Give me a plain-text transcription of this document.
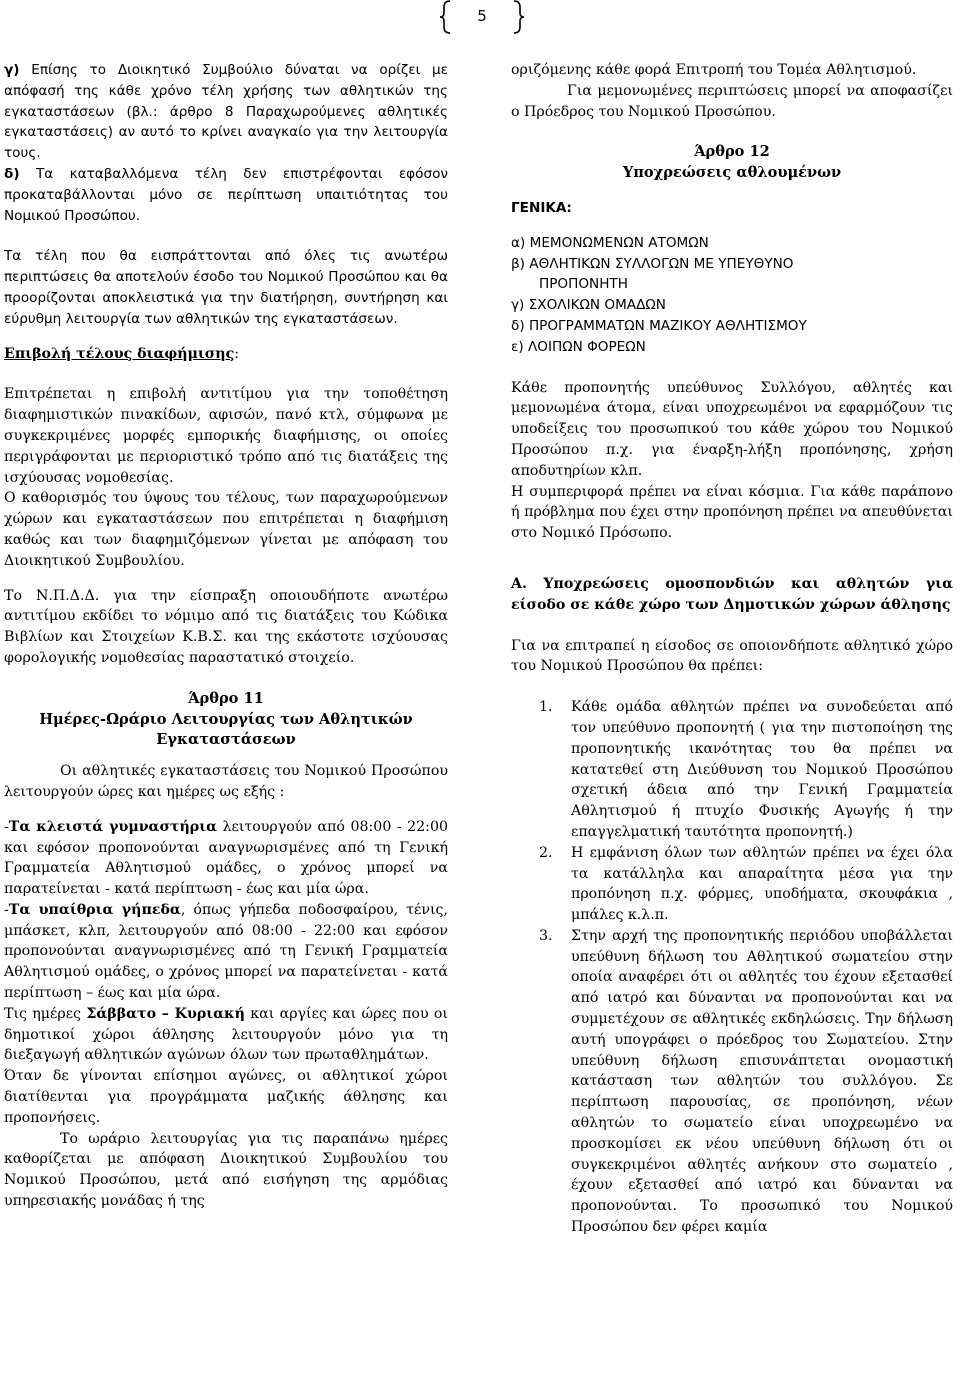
5

γ) Επίσης το Διοικητικό Συμβούλιο δύναται να ορίζει με απόφασή της κάθε χρόνο τέλη χρήσης των αθλητικών της εγκαταστάσεων (βλ.: άρθρο 8 Παραχωρούμενες αθλητικές εγκαταστάσεις) αν αυτό το κρίνει αναγκαίο για την λειτουργία τους.

δ) Τα καταβαλλόμενα τέλη δεν επιστρέφονται εφόσον προκαταβάλλονται μόνο σε περίπτωση υπαιτιότητας του Νομικού Προσώπου.

Τα τέλη που θα εισπράττονται από όλες τις ανωτέρω περιπτώσεις θα αποτελούν έσοδο του Νομικού Προσώπου και θα προορίζονται αποκλειστικά για την διατήρηση, συντήρηση και εύρυθμη λειτουργία των αθλητικών της εγκαταστάσεων.

Επιβολή τέλους διαφήμισης:

Επιτρέπεται η επιβολή αντιτίμου για την τοποθέτηση διαφημιστικών πινακίδων, αφισών, πανό κτλ, σύμφωνα με συγκεκριμένες μορφές εμπορικής διαφήμισης, οι οποίες περιγράφονται με περιοριστικό τρόπο από τις διατάξεις της ισχύουσας νομοθεσίας.

Ο καθορισμός του ύψους του τέλους, των παραχωρούμενων χώρων και εγκαταστάσεων που επιτρέπεται η διαφήμιση καθώς και των διαφημιζόμενων γίνεται με απόφαση του Διοικητικού Συμβουλίου.

Το Ν.Π.Δ.Δ. για την είσπραξη οποιουδήποτε ανωτέρω αντιτίμου εκδίδει το νόμιμο από τις διατάξεις του Κώδικα Βιβλίων και Στοιχείων Κ.Β.Σ. και της εκάστοτε ισχύουσας φορολογικής νομοθεσίας παραστατικό στοιχείο.

Άρθρο 11

Ημέρες-Ωράριο Λειτουργίας των Αθλητικών

Εγκαταστάσεων

Οι αθλητικές εγκαταστάσεις του Νομικού Προσώπου λειτουργούν ώρες και ημέρες ως εξής :

-Τα κλειστά γυμναστήρια λειτουργούν από 08:00 - 22:00 και εφόσον προπονούνται αναγνωρισμένες από τη Γενική Γραμματεία Αθλητισμού ομάδες, ο χρόνος μπορεί να παρατείνεται - κατά περίπτωση - έως και μία ώρα.

-Τα υπαίθρια γήπεδα, όπως γήπεδα ποδοσφαίρου, τένις, μπάσκετ, κλπ, λειτουργούν από 08:00 - 22:00 και εφόσον προπονούνται αναγνωρισμένες από τη Γενική Γραμματεία Αθλητισμού ομάδες, ο χρόνος μπορεί να παρατείνεται - κατά περίπτωση – έως και μία ώρα.

Τις ημέρες Σάββατο – Κυριακή και αργίες και ώρες που οι δημοτικοί χώροι άθλησης λειτουργούν μόνο για τη διεξαγωγή αθλητικών αγώνων όλων των πρωταθλημάτων.

Όταν δε γίνονται επίσημοι αγώνες, οι αθλητικοί χώροι διατίθενται για προγράμματα μαζικής άθλησης και προπονήσεις.

Το ωράριο λειτουργίας για τις παραπάνω ημέρες καθορίζεται με απόφαση Διοικητικού Συμβουλίου του Νομικού Προσώπου, μετά από εισήγηση της αρμόδιας υπηρεσιακής μονάδας ή της

οριζόμενης κάθε φορά Επιτροπή του Τομέα Αθλητισμού.

Για μεμονωμένες περιπτώσεις μπορεί να αποφασίζει ο Πρόεδρος του Νομικού Προσώπου.

Άρθρο 12

Υποχρεώσεις αθλουμένων

ΓΕΝΙΚΑ:

α) ΜΕΜΟΝΩΜΕΝΩΝ ΑΤΟΜΩΝ
β) ΑΘΛΗΤΙΚΩΝ ΣΥΛΛΟΓΩΝ ΜΕ ΥΠΕΥΘΥΝΟ
ΠΡΟΠΟΝΗΤΗ
γ) ΣΧΟΛΙΚΩΝ ΟΜΑΔΩΝ
δ) ΠΡΟΓΡΑΜΜΑΤΩΝ ΜΑΖΙΚΟΥ ΑΘΛΗΤΙΣΜΟΥ
ε) ΛΟΙΠΩΝ ΦΟΡΕΩΝ

Κάθε προπονητής υπεύθυνος Συλλόγου, αθλητές και μεμονωμένα άτομα, είναι υποχρεωμένοι να εφαρμόζουν τις υποδείξεις του προσωπικού του κάθε χώρου του Νομικού Προσώπου π.χ. για έναρξη-λήξη προπόνησης, χρήση αποδυτηρίων κλπ.

Η συμπεριφορά πρέπει να είναι κόσμια. Για κάθε παράπονο ή πρόβλημα που έχει στην προπόνηση πρέπει να απευθύνεται στο Νομικό Πρόσωπο.

Α. Υποχρεώσεις ομοσπονδιών και αθλητών για είσοδο σε κάθε χώρο των Δημοτικών χώρων άθλησης

Για να επιτραπεί η είσοδος σε οποιονδήποτε αθλητικό χώρο του Νομικού Προσώπου θα πρέπει:

1. Κάθε ομάδα αθλητών πρέπει να συνοδεύεται από τον υπεύθυνο προπονητή ( για την πιστοποίηση της προπονητικής ικανότητας του θα πρέπει να κατατεθεί στη Διεύθυνση του Νομικού Προσώπου σχετική άδεια από την Γενική Γραμματεία Αθλητισμού ή πτυχίο Φυσικής Αγωγής ή την επαγγελματική ταυτότητα προπονητή.)
2. Η εμφάνιση όλων των αθλητών πρέπει να έχει όλα τα κατάλληλα και απαραίτητα μέσα για την προπόνηση π.χ. φόρμες, υποδήματα, σκουφάκια , μπάλες κ.λ.π.
3. Στην αρχή της προπονητικής περιόδου υποβάλλεται υπεύθυνη δήλωση του Αθλητικού σωματείου στην οποία αναφέρει ότι οι αθλητές του έχουν εξετασθεί από ιατρό και δύνανται να προπονούνται και να συμμετέχουν σε αθλητικές εκδηλώσεις. Την δήλωση αυτή υπογράφει ο πρόεδρος του Σωματείου. Στην υπεύθυνη δήλωση επισυνάπτεται ονομαστική κατάσταση των αθλητών του συλλόγου. Σε περίπτωση παρουσίας, σε προπόνηση, νέων αθλητών το σωματείο είναι υποχρεωμένο να προσκομίσει εκ νέου υπεύθυνη δήλωση ότι οι συγκεκριμένοι αθλητές ανήκουν στο σωματείο , έχουν εξετασθεί από ιατρό και δύνανται να προπονούνται. Το προσωπικό του Νομικού Προσώπου δεν φέρει καμία
